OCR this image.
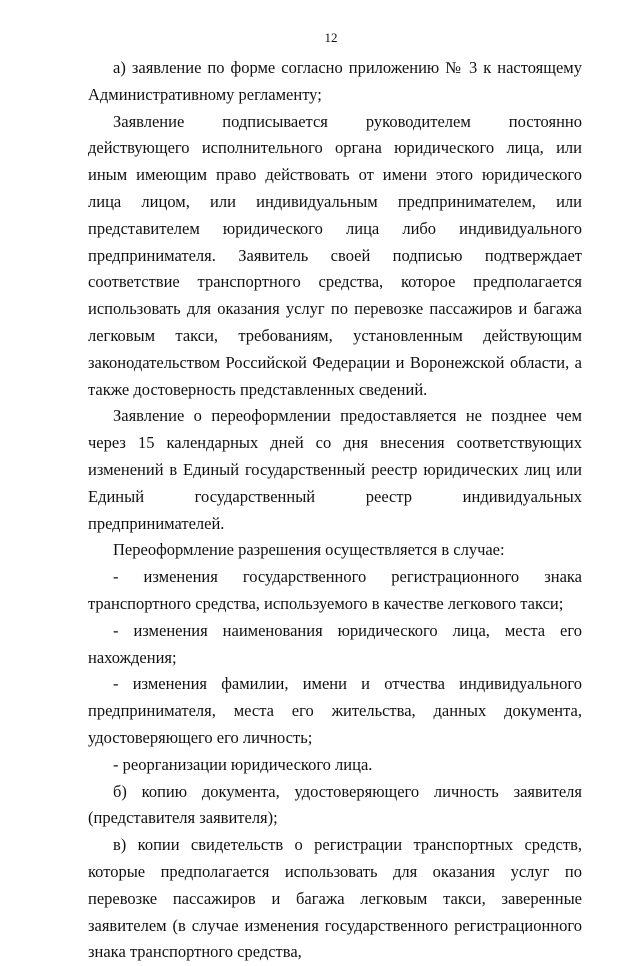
12

а) заявление по форме согласно приложению № 3 к настоящему Административному регламенту;

Заявление подписывается руководителем постоянно действующего исполнительного органа юридического лица, или иным имеющим право действовать от имени этого юридического лица лицом, или индивидуальным предпринимателем, или представителем юридического лица либо индивидуального предпринимателя. Заявитель своей подписью подтверждает соответствие транспортного средства, которое предполагается использовать для оказания услуг по перевозке пассажиров и багажа легковым такси, требованиям, установленным действующим законодательством Российской Федерации и Воронежской области, а также достоверность представленных сведений.

Заявление о переоформлении предоставляется не позднее чем через 15 календарных дней со дня внесения соответствующих изменений в Единый государственный реестр юридических лиц или Единый государственный реестр индивидуальных предпринимателей.

Переоформление разрешения осуществляется в случае:

- изменения государственного регистрационного знака транспортного средства, используемого в качестве легкового такси;

- изменения наименования юридического лица, места его нахождения;

- изменения фамилии, имени и отчества индивидуального предпринимателя, места его жительства, данных документа, удостоверяющего его личность;

- реорганизации юридического лица.

б) копию документа, удостоверяющего личность заявителя (представителя заявителя);

в) копии свидетельств о регистрации транспортных средств, которые предполагается использовать для оказания услуг по перевозке пассажиров и багажа легковым такси, заверенные заявителем (в случае изменения государственного регистрационного знака транспортного средства,
